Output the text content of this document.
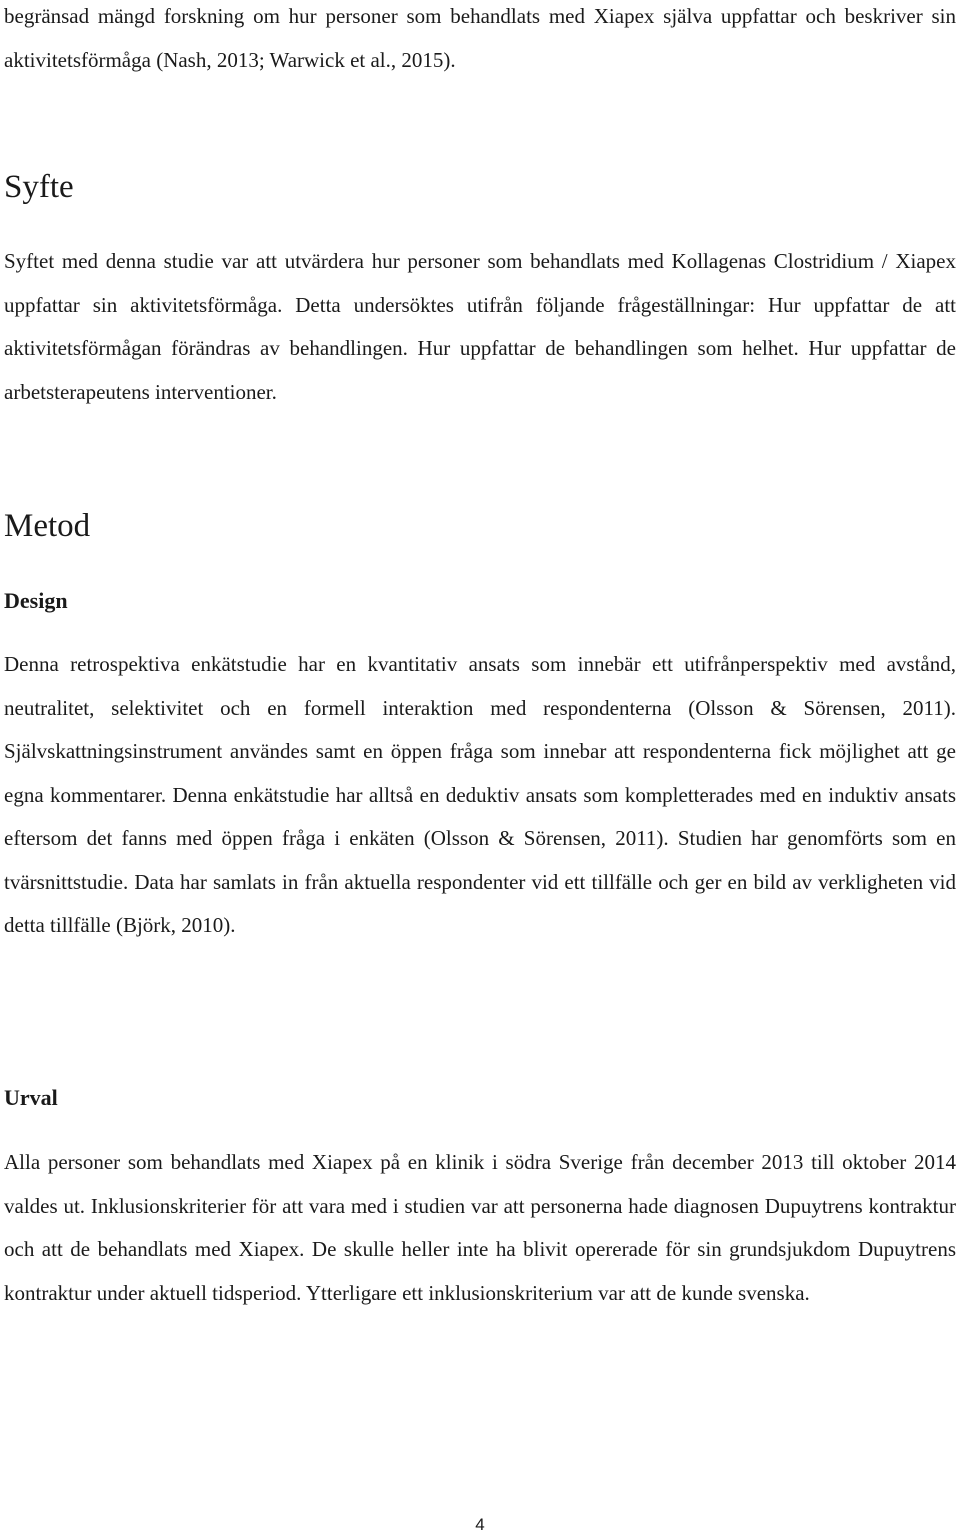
begränsad mängd forskning om hur personer som behandlats med Xiapex själva uppfattar och beskriver sin aktivitetsförmåga (Nash, 2013; Warwick et al., 2015).

Syfte

Syftet med denna studie var att utvärdera hur personer som behandlats med Kollagenas Clostridium / Xiapex uppfattar sin aktivitetsförmåga. Detta undersöktes utifrån följande frågeställningar: Hur uppfattar de att aktivitetsförmågan förändras av behandlingen. Hur uppfattar de behandlingen som helhet. Hur uppfattar de arbetsterapeutens interventioner.

Metod
Design

Denna retrospektiva enkätstudie har en kvantitativ ansats som innebär ett utifrånperspektiv med avstånd, neutralitet, selektivitet och en formell interaktion med respondenterna (Olsson & Sörensen, 2011). Självskattningsinstrument användes samt en öppen fråga som innebar att respondenterna fick möjlighet att ge egna kommentarer. Denna enkätstudie har alltså en deduktiv ansats som kompletterades med en induktiv ansats eftersom det fanns med öppen fråga i enkäten (Olsson & Sörensen, 2011). Studien har genomförts som en tvärsnittstudie. Data har samlats in från aktuella respondenter vid ett tillfälle och ger en bild av verkligheten vid detta tillfälle (Björk, 2010).

Urval

Alla personer som behandlats med Xiapex på en klinik i södra Sverige från december 2013 till oktober 2014 valdes ut. Inklusionskriterier för att vara med i studien var att personerna hade diagnosen Dupuytrens kontraktur och att de behandlats med Xiapex. De skulle heller inte ha blivit opererade för sin grundsjukdom Dupuytrens kontraktur under aktuell tidsperiod. Ytterligare ett inklusionskriterium var att de kunde svenska.

4
